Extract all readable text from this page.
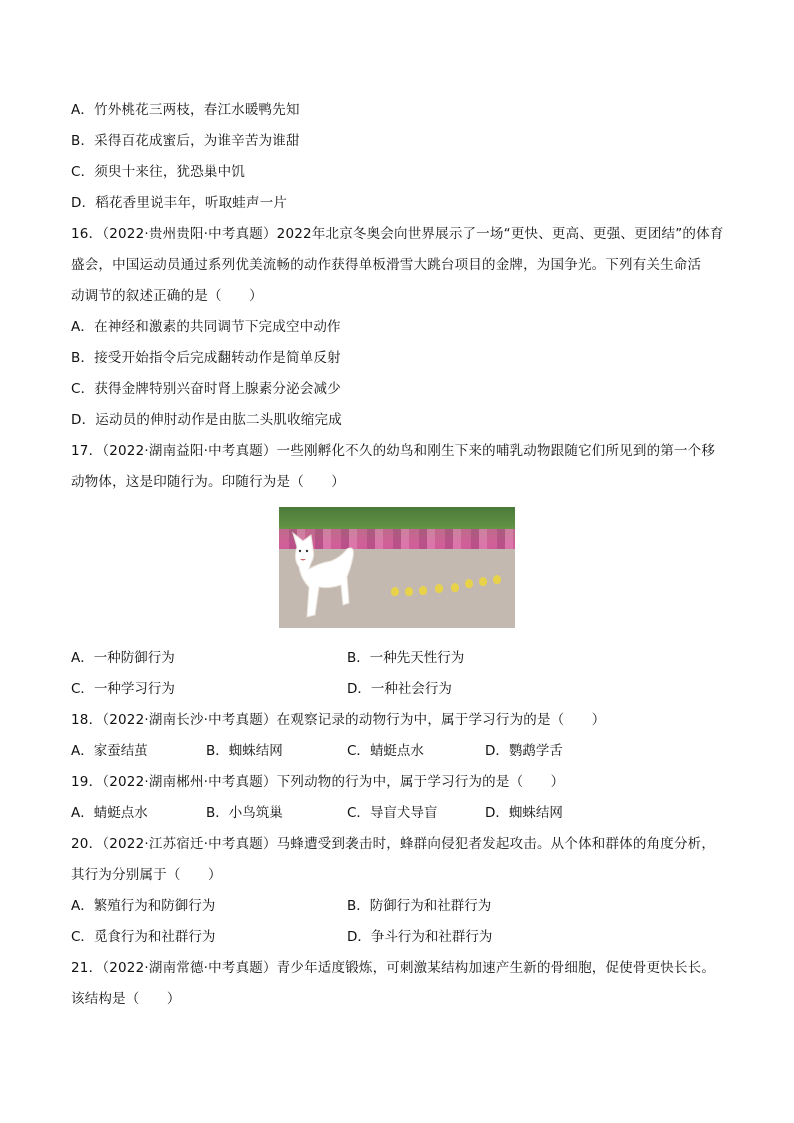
A．竹外桃花三两枝，春江水暖鸭先知
B．采得百花成蜜后，为谁辛苦为谁甜
C．须臾十来往，犹恐巢中饥
D．稻花香里说丰年，听取蛙声一片
16．（2022·贵州贵阳·中考真题）2022年北京冬奥会向世界展示了一场“更快、更高、更强、更团结”的体育
盛会，中国运动员通过系列优美流畅的动作获得单板滑雪大跳台项目的金牌，为国争光。下列有关生命活
动调节的叙述正确的是（　　）
A．在神经和激素的共同调节下完成空中动作
B．接受开始指令后完成翻转动作是简单反射
C．获得金牌特别兴奋时肾上腺素分泌会减少
D．运动员的伸肘动作是由肱二头肌收缩完成
17．（2022·湖南益阳·中考真题）一些刚孵化不久的幼鸟和刚生下来的哺乳动物跟随它们所见到的第一个移
动物体，这是印随行为。印随行为是（　　）
A．一种防御行为	B．一种先天性行为
C．一种学习行为	D．一种社会行为
18．（2022·湖南长沙·中考真题）在观察记录的动物行为中，属于学习行为的是（　　）
A．家蚕结茧	B．蜘蛛结网	C．蜻蜓点水	D．鹦鹉学舌
19．（2022·湖南郴州·中考真题）下列动物的行为中，属于学习行为的是（　　）
A．蜻蜓点水	B．小鸟筑巢	C．导盲犬导盲	D．蜘蛛结网
20．（2022·江苏宿迁·中考真题）马蜂遭受到袭击时，蜂群向侵犯者发起攻击。从个体和群体的角度分析，
其行为分别属于（　　）
A．繁殖行为和防御行为	B．防御行为和社群行为
C．觅食行为和社群行为	D．争斗行为和社群行为
21．（2022·湖南常德·中考真题）青少年适度锻炼，可刺激某结构加速产生新的骨细胞，促使骨更快长长。
该结构是（　　）
